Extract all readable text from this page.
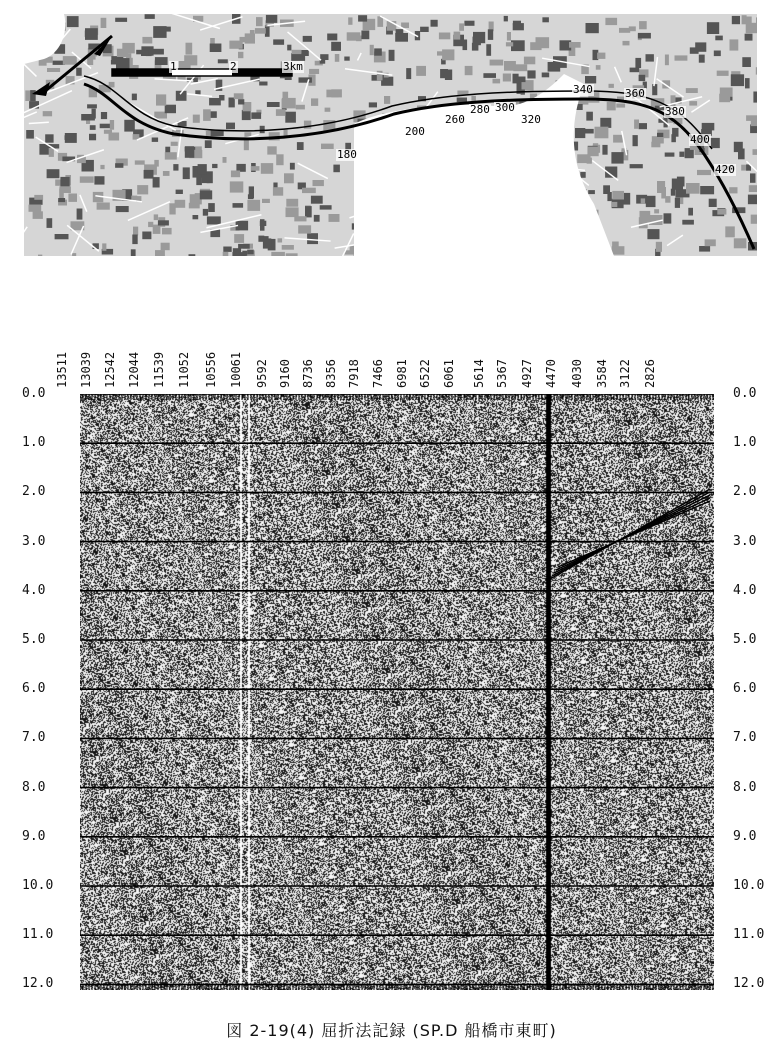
1	2	3km
180
200
260
280 300
320
340	360
380
400
420
13511 13039 12542 12044 11539 11052 10556 10061 9592 9160 8736 8356 7918 7466 6981 6522 6061 5614 5367 4927 4470 4030 3584 3122 2826
0.0	0.0
1.0	1.0
2.0	2.0
3.0	3.0
4.0	4.0
5.0	5.0
6.0	6.0
7.0	7.0
8.0	8.0
9.0	9.0
10.0	10.0
11.0	11.0
12.0	12.0
図 2-19(4) 屈折法記録 (SP.D 船橋市東町)
